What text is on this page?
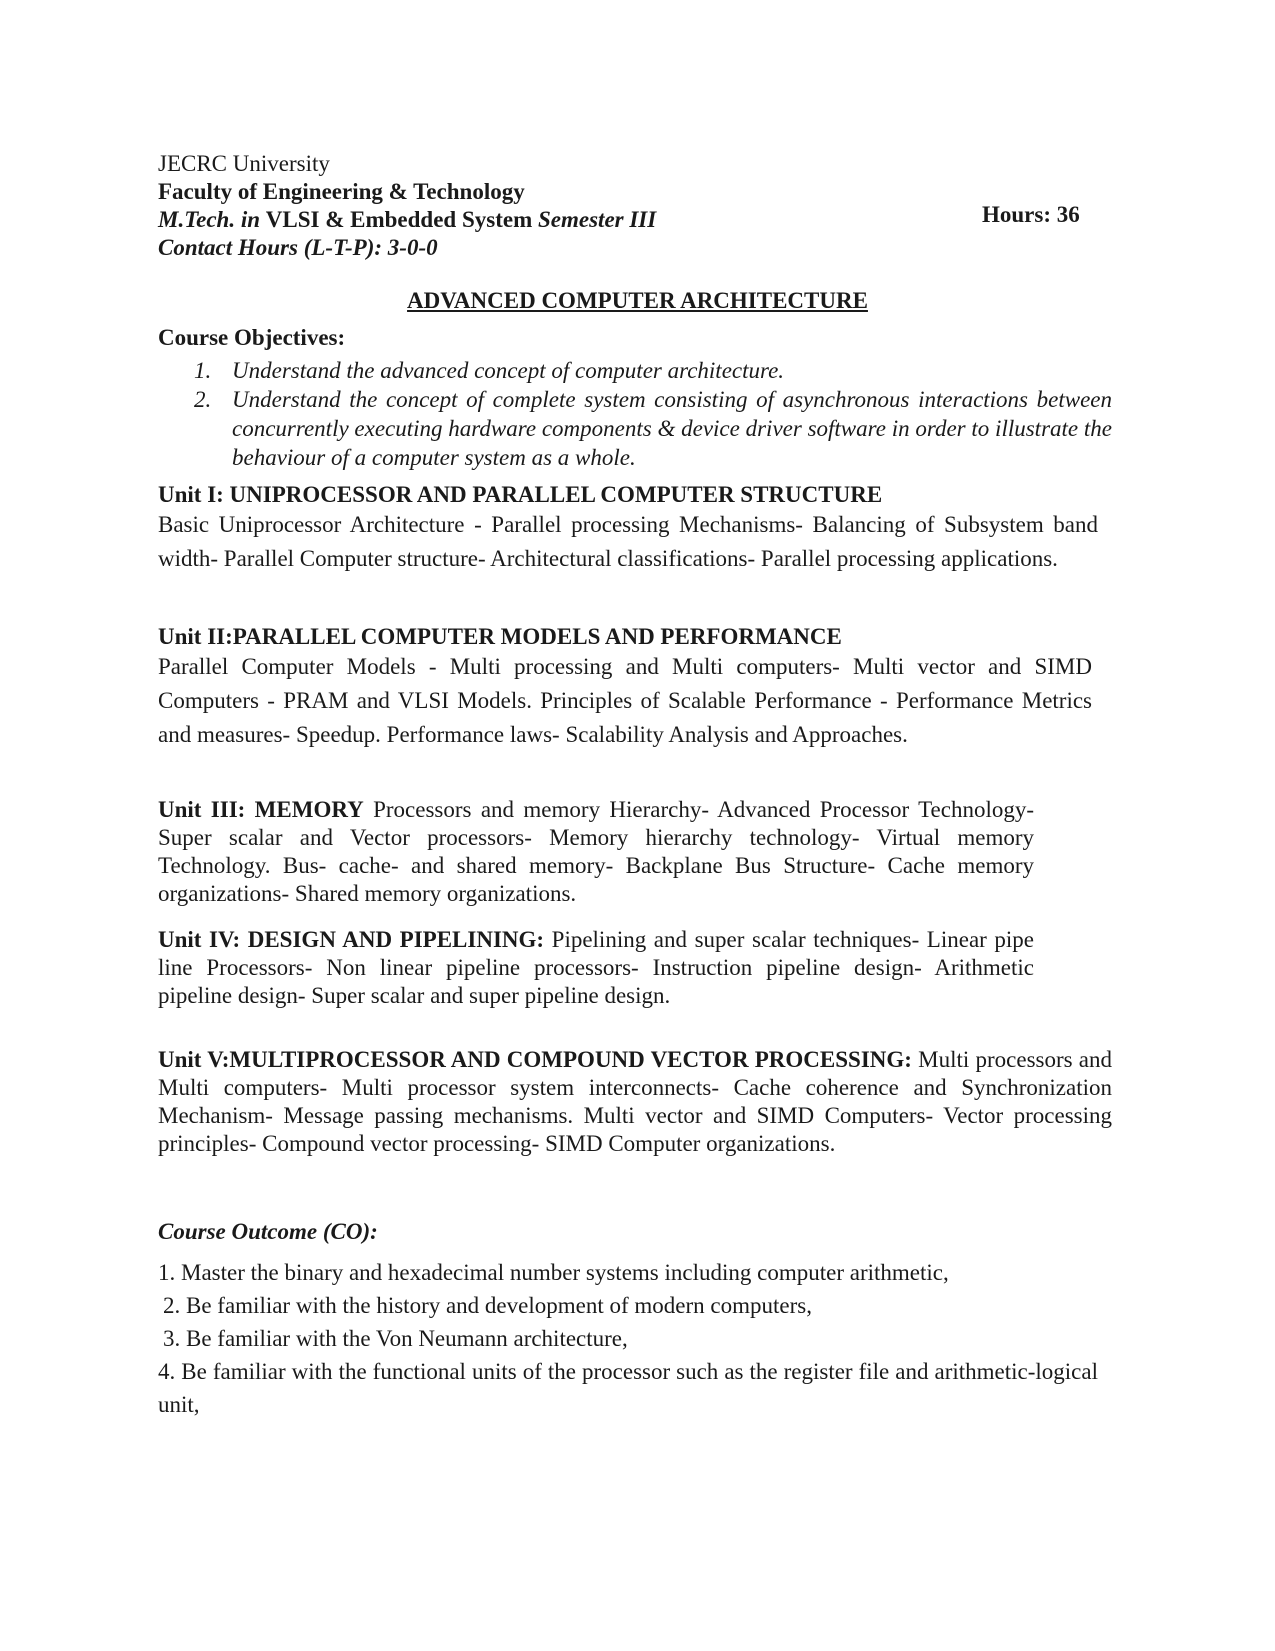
JECRC University

Faculty of Engineering & Technology

Hours: 36

M.Tech. in VLSI & Embedded System Semester III

Contact Hours (L-T-P): 3-0-0

ADVANCED COMPUTER ARCHITECTURE

Course Objectives:

1. Understand the advanced concept of computer architecture.
2. Understand the concept of complete system consisting of asynchronous interactions between concurrently executing hardware components & device driver software in order to illustrate the behaviour of a computer system as a whole.
Unit I: UNIPROCESSOR AND PARALLEL COMPUTER STRUCTURE
Basic Uniprocessor Architecture - Parallel processing Mechanisms- Balancing of Subsystem band width- Parallel Computer structure- Architectural classifications- Parallel processing applications.
Unit II:PARALLEL COMPUTER MODELS AND PERFORMANCE
Parallel Computer Models - Multi processing and Multi computers- Multi vector and SIMD Computers - PRAM and VLSI Models. Principles of Scalable Performance - Performance Metrics and measures- Speedup. Performance laws- Scalability Analysis and Approaches.

Unit III: MEMORY Processors and memory Hierarchy- Advanced Processor Technology-Super scalar and Vector processors- Memory hierarchy technology- Virtual memory Technology. Bus- cache- and shared memory- Backplane Bus Structure- Cache memory organizations- Shared memory organizations.

Unit IV: DESIGN AND PIPELINING: Pipelining and super scalar techniques- Linear pipe line Processors- Non linear pipeline processors- Instruction pipeline design- Arithmetic pipeline design- Super scalar and super pipeline design.

Unit V:MULTIPROCESSOR AND COMPOUND VECTOR PROCESSING: Multi processors and Multi computers- Multi processor system interconnects- Cache coherence and Synchronization Mechanism- Message passing mechanisms. Multi vector and SIMD Computers- Vector processing principles- Compound vector processing- SIMD Computer organizations.

Course Outcome (CO):

1. Master the binary and hexadecimal number systems including computer arithmetic,

2. Be familiar with the history and development of modern computers,

3. Be familiar with the Von Neumann architecture,

4. Be familiar with the functional units of the processor such as the register file and arithmetic-logical unit,
